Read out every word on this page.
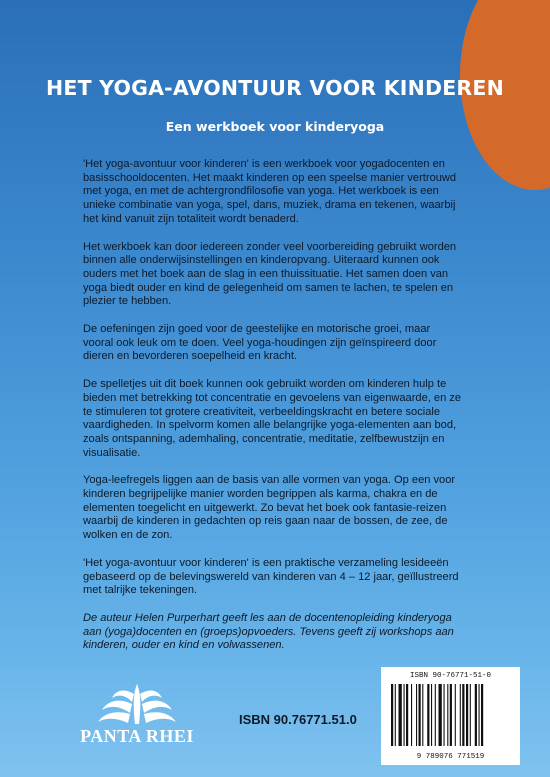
HET YOGA-AVONTUUR VOOR KINDEREN
Een werkboek voor kinderyoga

'Het yoga-avontuur voor kinderen' is een werkboek voor yogadocenten en basisschooldocenten. Het maakt kinderen op een speelse manier vertrouwd met yoga, en met de achtergrondfilosofie van yoga. Het werkboek is een unieke combinatie van yoga, spel, dans, muziek, drama en tekenen, waarbij het kind vanuit zijn totaliteit wordt benaderd.

Het werkboek kan door iedereen zonder veel voorbereiding gebruikt worden binnen alle onderwijsinstellingen en kinderopvang. Uiteraard kunnen ook ouders met het boek aan de slag in een thuissituatie. Het samen doen van yoga biedt ouder en kind de gelegenheid om samen te lachen, te spelen en plezier te hebben.

De oefeningen zijn goed voor de geestelijke en motorische groei, maar vooral ook leuk om te doen. Veel yoga-houdingen zijn geïnspireerd door dieren en bevorderen soepelheid en kracht.

De spelletjes uit dit boek kunnen ook gebruikt worden om kinderen hulp te bieden met betrekking tot concentratie en gevoelens van eigenwaarde, en ze te stimuleren tot grotere creativiteit, verbeeldingskracht en betere sociale vaardigheden. In spelvorm komen alle belangrijke yoga-elementen aan bod, zoals ontspanning, ademhaling, concentratie, meditatie, zelfbewustzijn en visualisatie.

Yoga-leefregels liggen aan de basis van alle vormen van yoga. Op een voor kinderen begrijpelijke manier worden begrippen als karma, chakra en de elementen toegelicht en uitgewerkt. Zo bevat het boek ook fantasie-reizen waarbij de kinderen in gedachten op reis gaan naar de bossen, de zee, de wolken en de zon.

'Het yoga-avontuur voor kinderen' is een praktische verzameling lesideeën gebaseerd op de belevingswereld van kinderen van 4 – 12 jaar, geïllustreerd met talrijke tekeningen.

De auteur Helen Purperhart geeft les aan de docentenopleiding kinderyoga aan (yoga)docenten en (groeps)opvoeders. Tevens geeft zij workshops aan kinderen, ouder en kind en volwassenen.

PANTA RHEI
ISBN 90.76771.51.0
ISBN 90-76771-51-0
9 789076 771519
